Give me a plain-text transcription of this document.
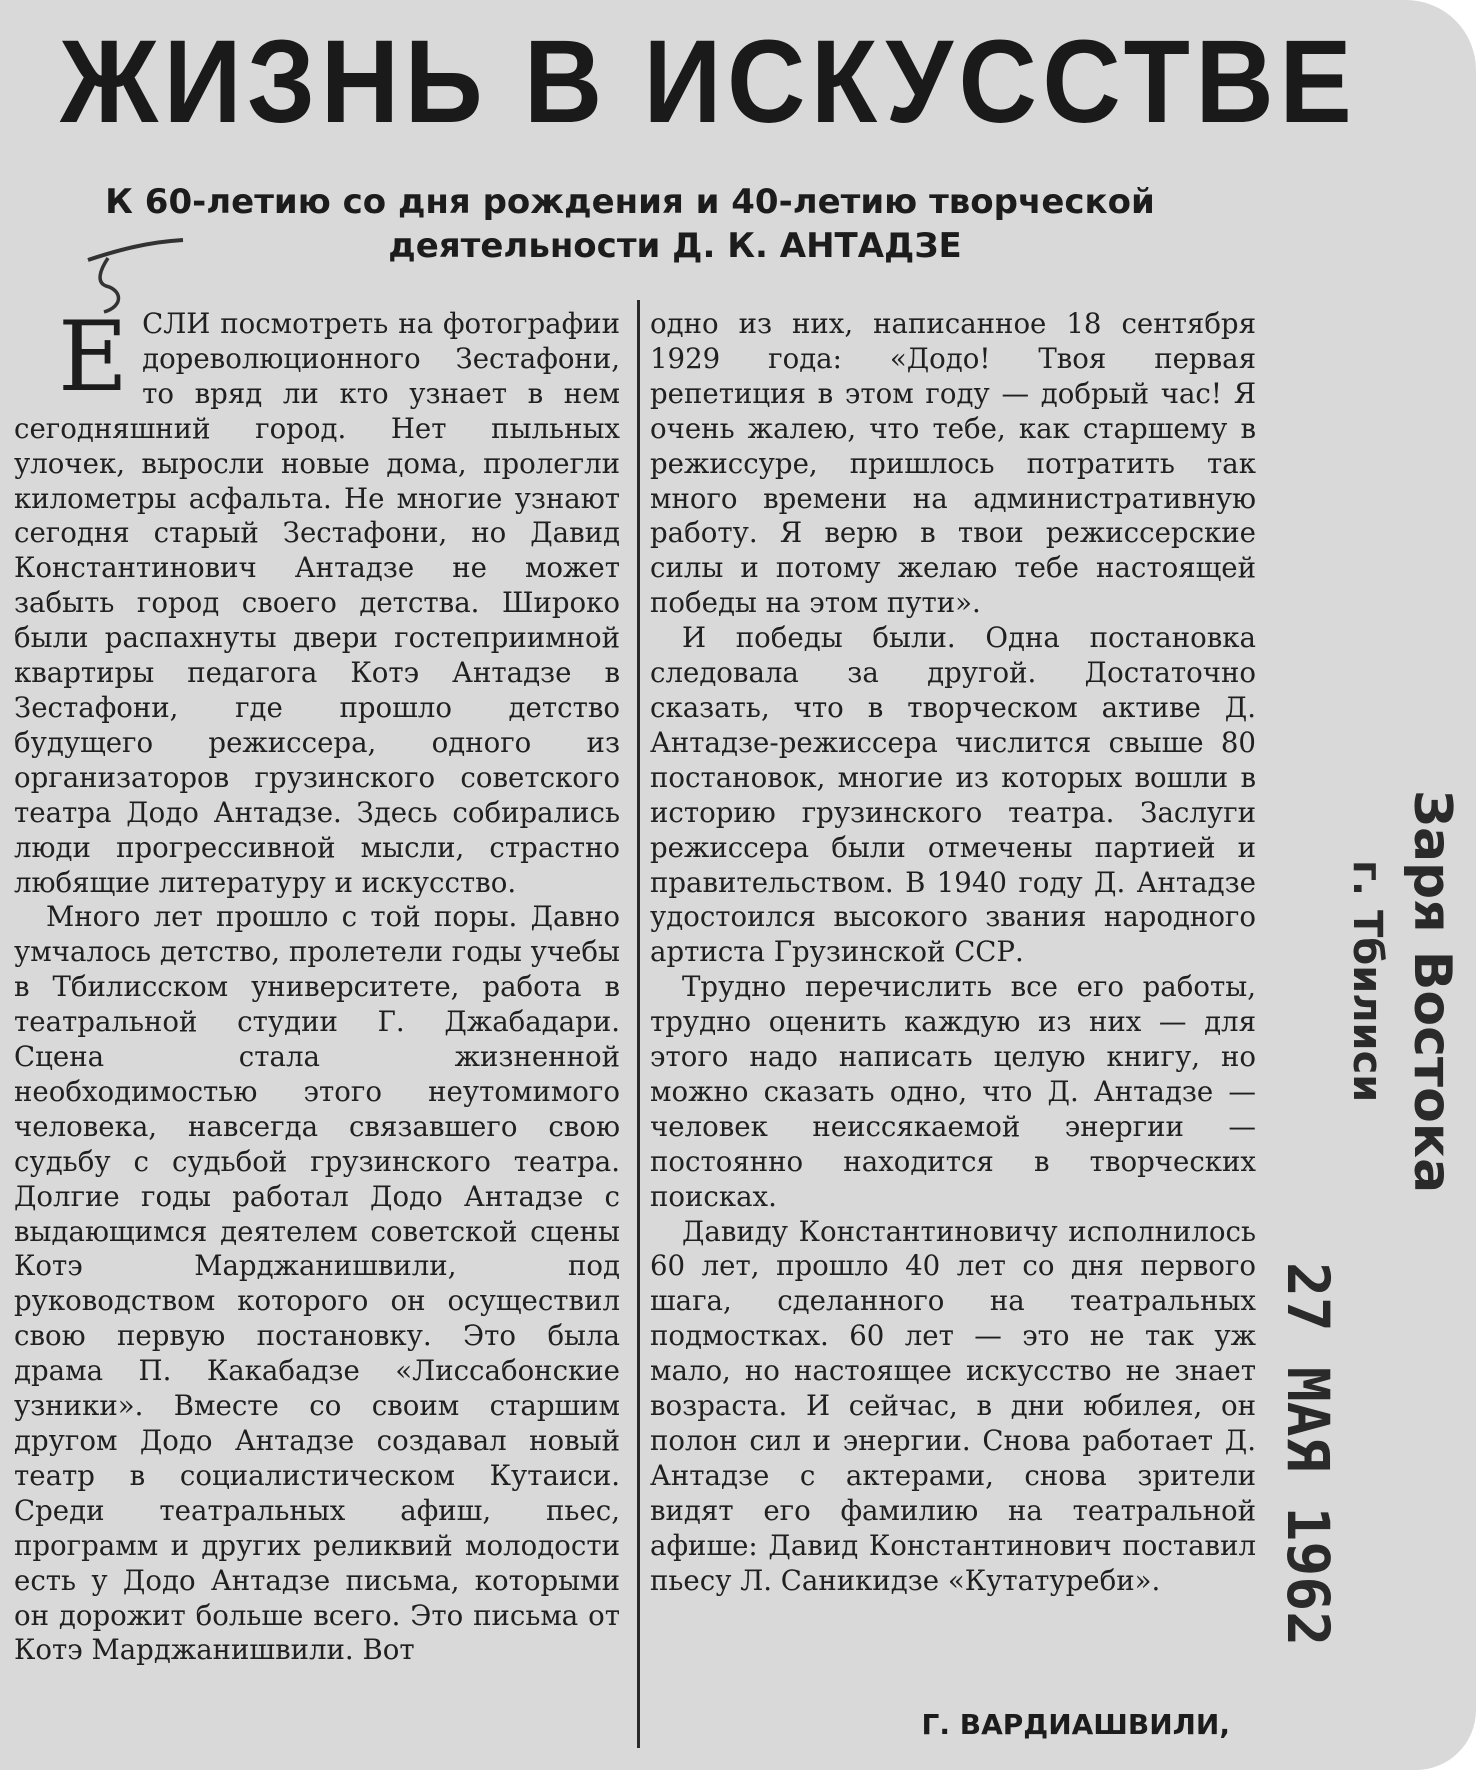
ЖИЗНЬ В ИСКУССТВЕ
К 60-летию со дня рождения и 40-летию творческой
деятельности Д. К. АНТАДЗЕ
Е СЛИ посмотреть на фотографии дореволюционного Зестафони, то вряд ли кто узнает в нем сегодняшний город. Нет пыльных улочек, выросли новые дома, пролегли километры асфальта. Не многие узнают сегодня старый Зестафони, но Давид Константинович Антадзе не может забыть город своего детства. Широко были распахнуты двери гостеприимной квартиры педагога Котэ Антадзе в Зестафони, где прошло детство будущего режиссера, одного из организаторов грузинского советского театра Додо Антадзе. Здесь собирались люди прогрессивной мысли, страстно любящие литературу и искусство.

Много лет прошло с той поры. Давно умчалось детство, пролетели годы учебы в Тбилисском университете, работа в театральной студии Г. Джабадари. Сцена стала жизненной необходимостью этого неутомимого человека, навсегда связавшего свою судьбу с судьбой грузинского театра. Долгие годы работал Додо Антадзе с выдающимся деятелем советской сцены Котэ Марджанишвили, под руководством которого он осуществил свою первую постановку. Это была драма П. Какабадзе «Лиссабонские узники». Вместе со своим старшим другом Додо Антадзе создавал новый театр в социалистическом Кутаиси. Среди театральных афиш, пьес, программ и других реликвий молодости есть у Додо Антадзе письма, которыми он дорожит больше всего. Это письма от Котэ Марджанишвили. Вот

одно из них, написанное 18 сентября 1929 года: «Додо! Твоя первая репетиция в этом году — добрый час! Я очень жалею, что тебе, как старшему в режиссуре, пришлось потратить так много времени на административную работу. Я верю в твои режиссерские силы и потому желаю тебе настоящей победы на этом пути».

И победы были. Одна постановка следовала за другой. Достаточно сказать, что в творческом активе Д. Антадзе-режиссера числится свыше 80 постановок, многие из которых вошли в историю грузинского театра. Заслуги режиссера были отмечены партией и правительством. В 1940 году Д. Антадзе удостоился высокого звания народного артиста Грузинской ССР.

Трудно перечислить все его работы, трудно оценить каждую из них — для этого надо написать целую книгу, но можно сказать одно, что Д. Антадзе — человек неиссякаемой энергии — постоянно находится в творческих поисках.

Давиду Константиновичу исполнилось 60 лет, прошло 40 лет со дня первого шага, сделанного на театральных подмостках. 60 лет — это не так уж мало, но настоящее искусство не знает возраста. И сейчас, в дни юбилея, он полон сил и энергии. Снова работает Д. Антадзе с актерами, снова зрители видят его фамилию на театральной афише: Давид Константинович поставил пьесу Л. Саникидзе «Кутатуреби».

Г. ВАРДИАШВИЛИ,
Заря Востока
г. Тбилиси
27 МАЯ 1962
